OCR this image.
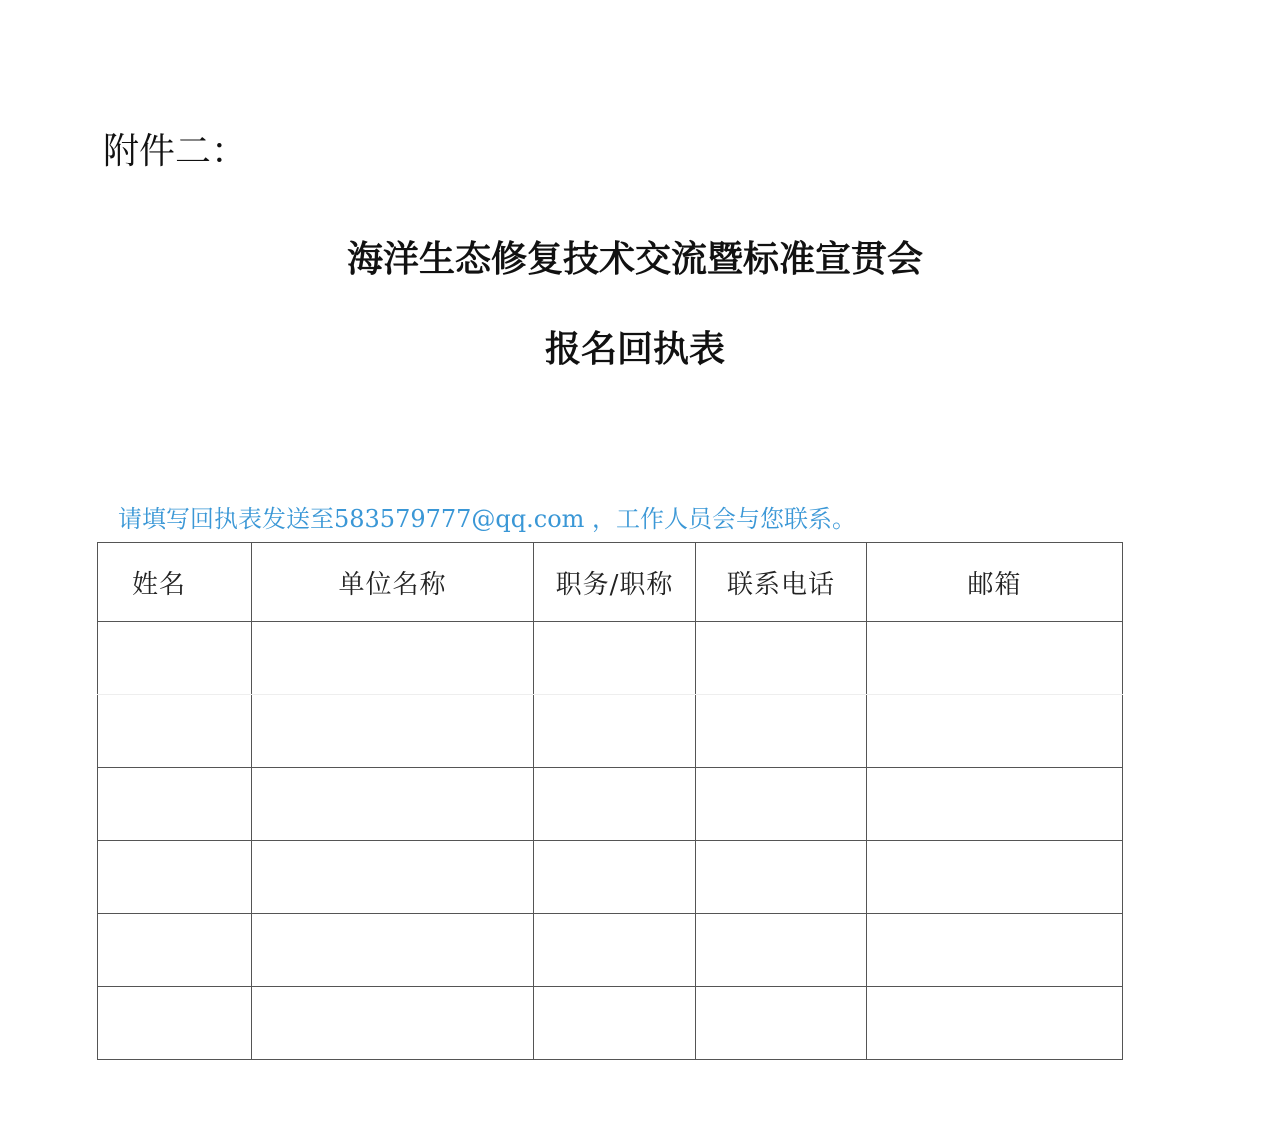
附件二：
海洋生态修复技术交流暨标准宣贯会
报名回执表
请填写回执表发送至583579777@qq.com ，工作人员会与您联系。
姓名	单位名称	职务/职称	联系电话	邮箱
